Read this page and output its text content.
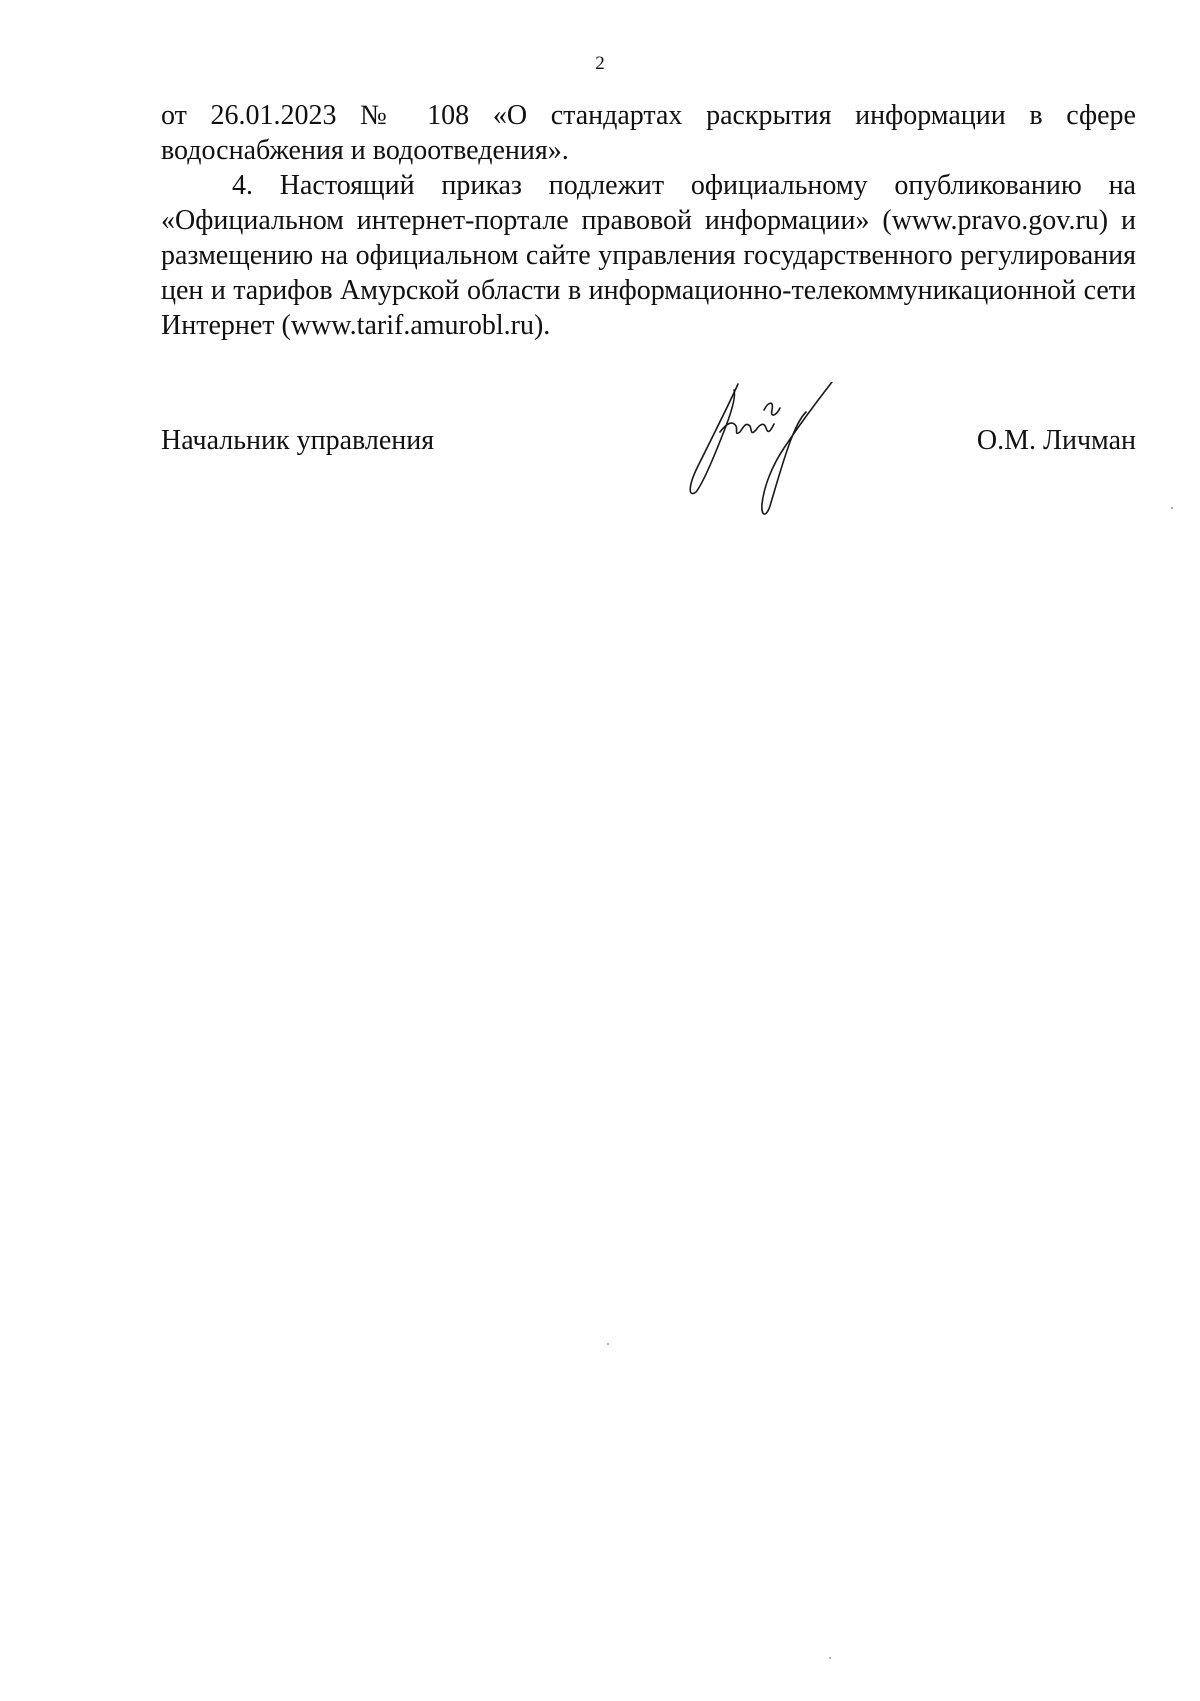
2

от 26.01.2023 № 108 «О стандартах раскрытия информации в сфере водоснабжения и водоотведения».

4. Настоящий приказ подлежит официальному опубликованию на «Официальном интернет-портале правовой информации» (www.pravo.gov.ru) и размещению на официальном сайте управления государственного регулирования цен и тарифов Амурской области в информационно-телекоммуникационной сети Интернет (www.tarif.amurobl.ru).

Начальник управления	О.М. Личман
